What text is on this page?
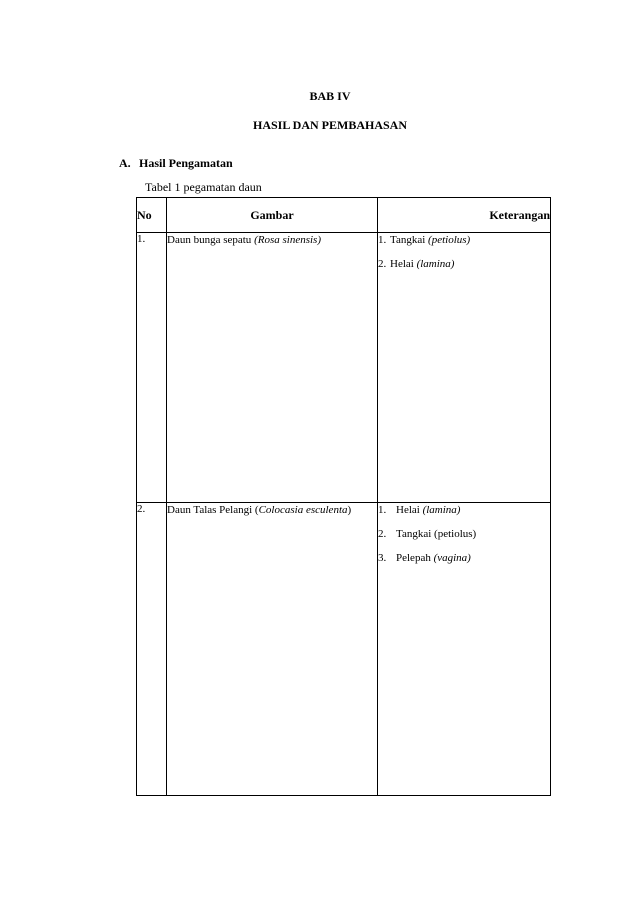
BAB IV
HASIL DAN PEMBAHASAN
A. Hasil Pengamatan
Tabel 1 pegamatan daun
No	Gambar	Keterangan
1.	Daun bunga sepatu (Rosa sinensis)	1. Tangkai (petiolus)
2. Helai (lamina)

2.	Daun Talas Pelangi (Colocasia esculenta)	1. Helai (lamina)
2. Tangkai (petiolus)
3. Pelepah (vagina)
